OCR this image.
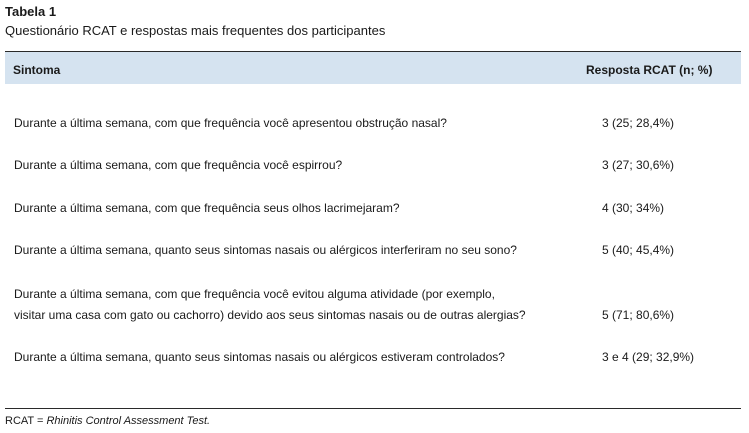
Tabela 1
Questionário RCAT e respostas mais frequentes dos participantes
Sintoma	Resposta RCAT (n; %)
Durante a última semana, com que frequência você apresentou obstrução nasal?	3 (25; 28,4%)
Durante a última semana, com que frequência você espirrou?	3 (27; 30,6%)
Durante a última semana, com que frequência seus olhos lacrimejaram?	4 (30; 34%)
Durante a última semana, quanto seus sintomas nasais ou alérgicos interferiram no seu sono?	5 (40; 45,4%)
Durante a última semana, com que frequência você evitou alguma atividade (por exemplo,
visitar uma casa com gato ou cachorro) devido aos seus sintomas nasais ou de outras alergias?	5 (71; 80,6%)
Durante a última semana, quanto seus sintomas nasais ou alérgicos estiveram controlados?	3 e 4 (29; 32,9%)
RCAT = Rhinitis Control Assessment Test.
